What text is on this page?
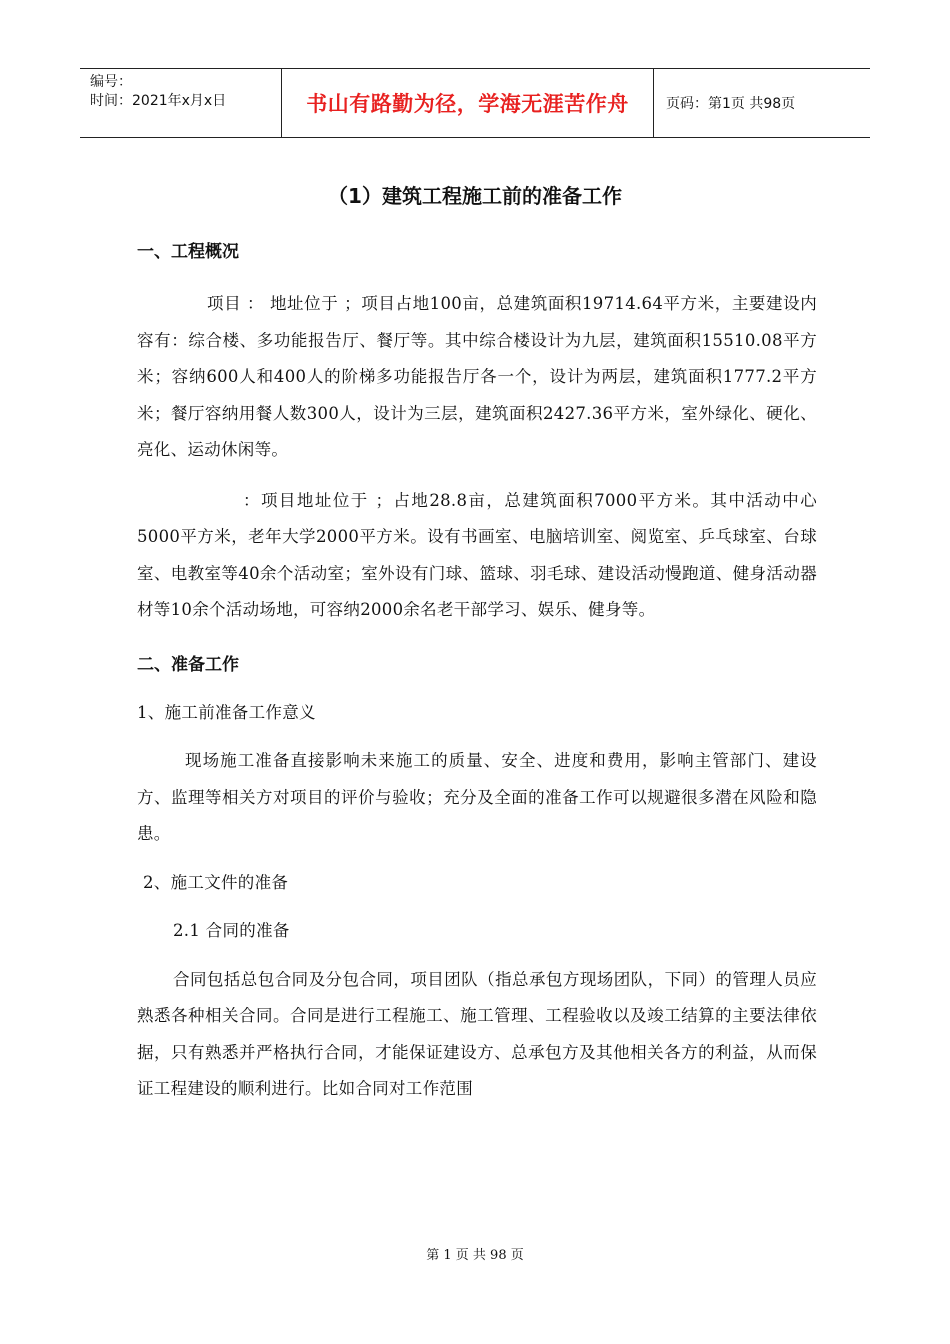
编号：
时间：2021年x月x日	书山有路勤为径，学海无涯苦作舟	页码：第1页 共98页
（1）建筑工程施工前的准备工作
一、工程概况

项目 ： 地址位于 ；项目占地100亩，总建筑面积19714.64平方米，主要建设内容有：综合楼、多功能报告厅、餐厅等。其中综合楼设计为九层，建筑面积15510.08平方米；容纳600人和400人的阶梯多功能报告厅各一个，设计为两层，建筑面积1777.2平方米；餐厅容纳用餐人数300人，设计为三层，建筑面积2427.36平方米，室外绿化、硬化、亮化、运动休闲等。

：项目地址位于 ；占地28.8亩，总建筑面积7000平方米。其中活动中心5000平方米，老年大学2000平方米。设有书画室、电脑培训室、阅览室、乒乓球室、台球室、电教室等40余个活动室；室外设有门球、篮球、羽毛球、建设活动慢跑道、健身活动器材等10余个活动场地，可容纳2000余名老干部学习、娱乐、健身等。

二、准备工作

1、施工前准备工作意义

现场施工准备直接影响未来施工的质量、安全、进度和费用，影响主管部门、建设方、监理等相关方对项目的评价与验收；充分及全面的准备工作可以规避很多潜在风险和隐患。

2、施工文件的准备

2.1 合同的准备

合同包括总包合同及分包合同，项目团队（指总承包方现场团队，下同）的管理人员应熟悉各种相关合同。合同是进行工程施工、施工管理、工程验收以及竣工结算的主要法律依据，只有熟悉并严格执行合同，才能保证建设方、总承包方及其他相关各方的利益，从而保证工程建设的顺利进行。比如合同对工作范围

第 1 页 共 98 页
